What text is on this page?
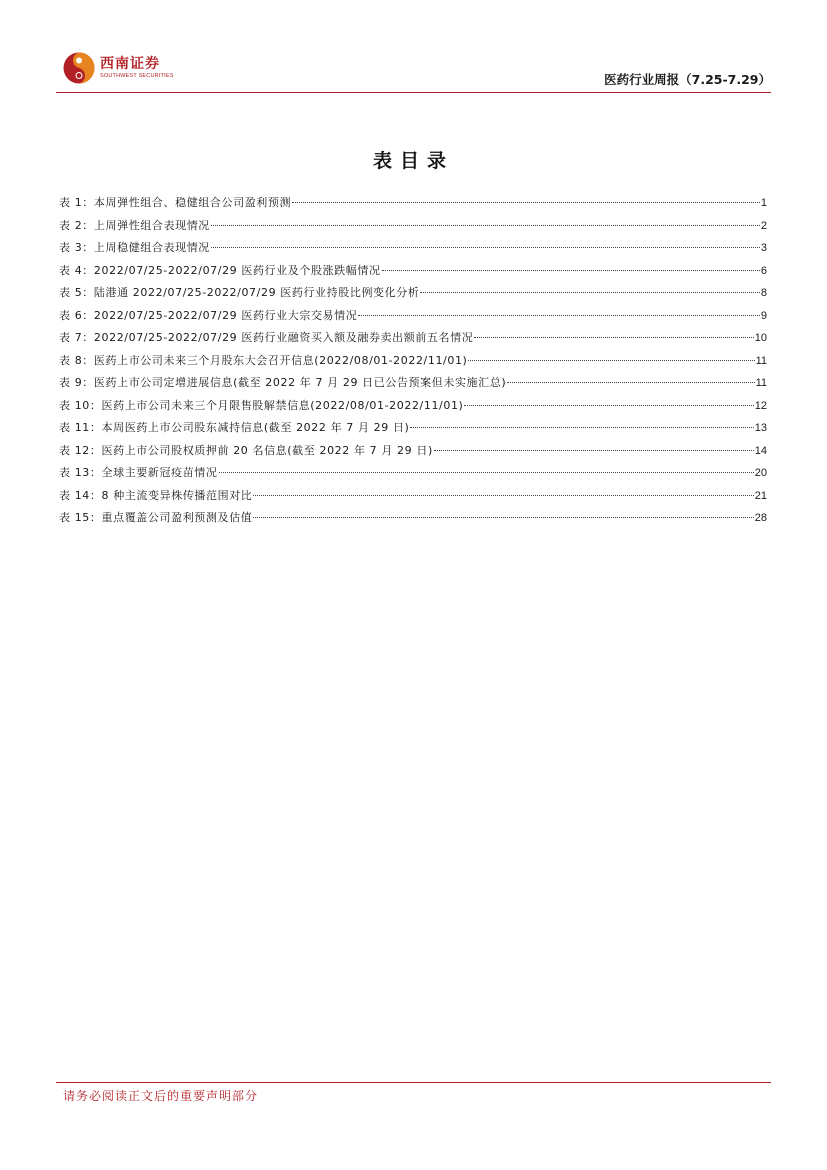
西南证券
SOUTHWEST SECURITIES	医药行业周报（7.25-7.29）
表目录
表 1：本周弹性组合、稳健组合公司盈利预测	1
表 2：上周弹性组合表现情况	2
表 3：上周稳健组合表现情况	3
表 4：2022/07/25-2022/07/29 医药行业及个股涨跌幅情况	6
表 5：陆港通 2022/07/25-2022/07/29 医药行业持股比例变化分析	8
表 6：2022/07/25-2022/07/29 医药行业大宗交易情况	9
表 7：2022/07/25-2022/07/29 医药行业融资买入额及融券卖出额前五名情况	10
表 8：医药上市公司未来三个月股东大会召开信息(2022/08/01-2022/11/01)	11
表 9：医药上市公司定增进展信息(截至 2022 年 7 月 29 日已公告预案但未实施汇总)	11
表 10：医药上市公司未来三个月限售股解禁信息(2022/08/01-2022/11/01)	12
表 11：本周医药上市公司股东减持信息(截至 2022 年 7 月 29 日)	13
表 12：医药上市公司股权质押前 20 名信息(截至 2022 年 7 月 29 日)	14
表 13：全球主要新冠疫苗情况	20
表 14：8 种主流变异株传播范围对比	21
表 15：重点覆盖公司盈利预测及估值	28
请务必阅读正文后的重要声明部分
